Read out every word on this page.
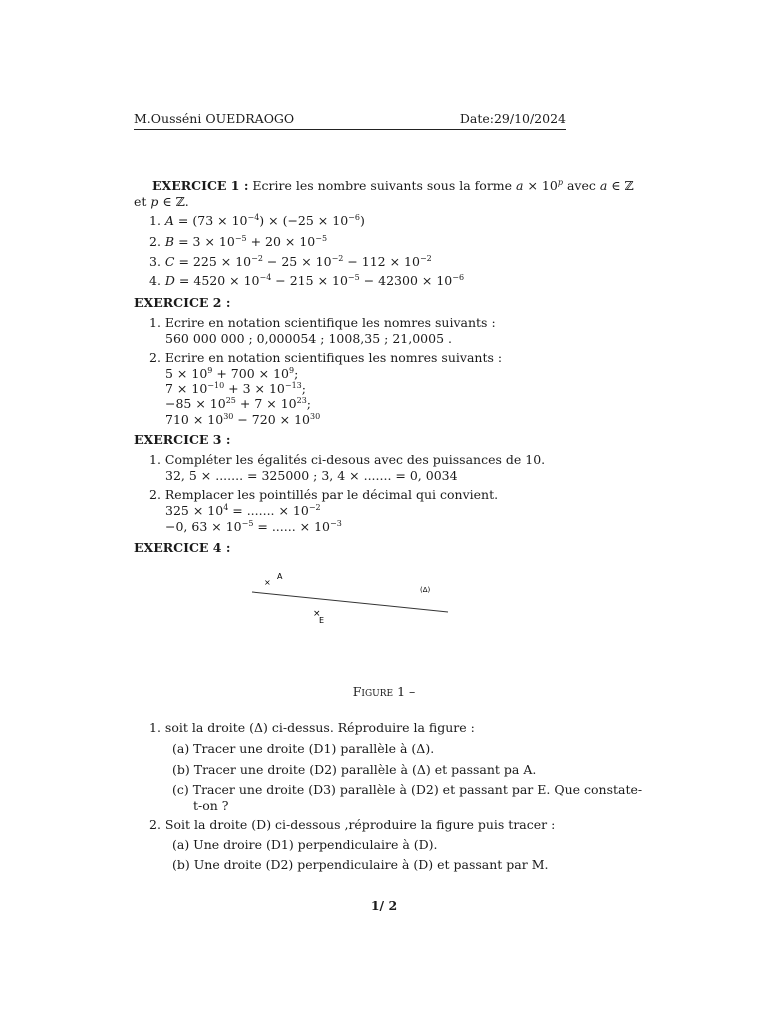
M.Ousséni OUEDRAOGO	Date:29/10/2024
EXERCICE 1 : Ecrire les nombre suivants sous la forme $a \times 10^p$ avec a ∈ ℤ
et p ∈ ℤ.
1. $A = (73 \times 10^{-4}) \times (-25 \times 10^{-6})$
2. $B = 3 \times 10^{-5} + 20 \times 10^{-5}$
3. $C = 225 \times 10^{-2} - 25 \times 10^{-2} - 112 \times 10^{-2}$
4. $D = 4520 \times 10^{-4} - 215 \times 10^{-5} - 42300 \times 10^{-6}$
EXERCICE 2 :
1. Ecrire en notation scientifique les nomres suivants :
560 000 000 ; 0,000054 ; 1008,35 ; 21,0005 .
2. Ecrire en notation scientifiques les nomres suivants :
$5 \times 10^9 + 700 \times 10^9$;
$7 \times 10^{-10} + 3 \times 10^{-13}$;
$-85 \times 10^{25} + 7 \times 10^{23}$;
$710 \times 10^{30} - 720 \times 10^{30}$
EXERCICE 3 :
1. Compléter les égalités ci-desous avec des puissances de 10.
32, 5 × ....... = 325000 ; 3, 4 × ....... = 0, 0034
2. Remplacer les pointillés par le décimal qui convient.
$325 \times 10^4$ = ....... × $10^{-2}$
−0, $63 \times 10^{-5}$ = ...... × $10^{-3}$
EXERCICE 4 :
×
A
(Δ)
×
E
Figure 1 –
1. soit la droite (Δ) ci-dessus. Réproduire la figure :
(a) Tracer une droite (D1) parallèle à (Δ).
(b) Tracer une droite (D2) parallèle à (Δ) et passant pa A.
(c) Tracer une droite (D3) parallèle à (D2) et passant par E. Que constate-
t-on ?
2. Soit la droite (D) ci-dessous ,réproduire la figure puis tracer :
(a) Une droire (D1) perpendiculaire à (D).
(b) Une droite (D2) perpendiculaire à (D) et passant par M.
1/ 2
